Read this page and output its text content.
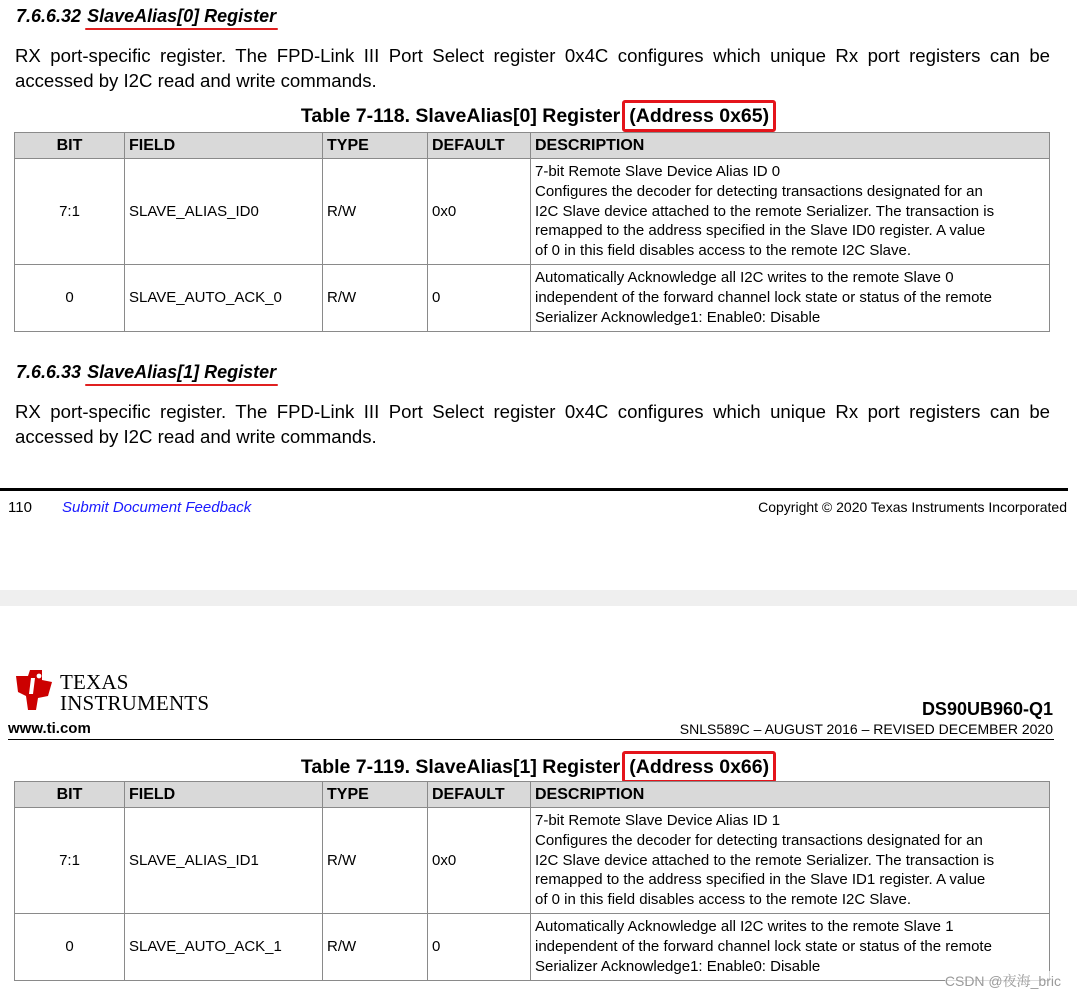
7.6.6.32 SlaveAlias[0] Register
RX port-specific register. The FPD-Link III Port Select register 0x4C configures which unique Rx port registers can be accessed by I2C read and write commands.
Table 7-118. SlaveAlias[0] Register (Address 0x65)
BIT	FIELD	TYPE	DEFAULT	DESCRIPTION
7:1	SLAVE_ALIAS_ID0	R/W	0x0	7-bit Remote Slave Device Alias ID 0
Configures the decoder for detecting transactions designated for an
I2C Slave device attached to the remote Serializer. The transaction is
remapped to the address specified in the Slave ID0 register. A value
of 0 in this field disables access to the remote I2C Slave.

0	SLAVE_AUTO_ACK_0	R/W	0	Automatically Acknowledge all I2C writes to the remote Slave 0
independent of the forward channel lock state or status of the remote
Serializer Acknowledge1: Enable0: Disable
7.6.6.33 SlaveAlias[1] Register
RX port-specific register. The FPD-Link III Port Select register 0x4C configures which unique Rx port registers can be accessed by I2C read and write commands.
110 Submit Document Feedback	Copyright © 2020 Texas Instruments Incorporated
TEXAS
INSTRUMENTS
www.ti.com
DS90UB960-Q1
SNLS589C – AUGUST 2016 – REVISED DECEMBER 2020
Table 7-119. SlaveAlias[1] Register (Address 0x66)
BIT	FIELD	TYPE	DEFAULT	DESCRIPTION
7:1	SLAVE_ALIAS_ID1	R/W	0x0	7-bit Remote Slave Device Alias ID 1
Configures the decoder for detecting transactions designated for an
I2C Slave device attached to the remote Serializer. The transaction is
remapped to the address specified in the Slave ID1 register. A value
of 0 in this field disables access to the remote I2C Slave.

0	SLAVE_AUTO_ACK_1	R/W	0	Automatically Acknowledge all I2C writes to the remote Slave 1
independent of the forward channel lock state or status of the remote
Serializer Acknowledge1: Enable0: Disable
CSDN @夜海_bric
